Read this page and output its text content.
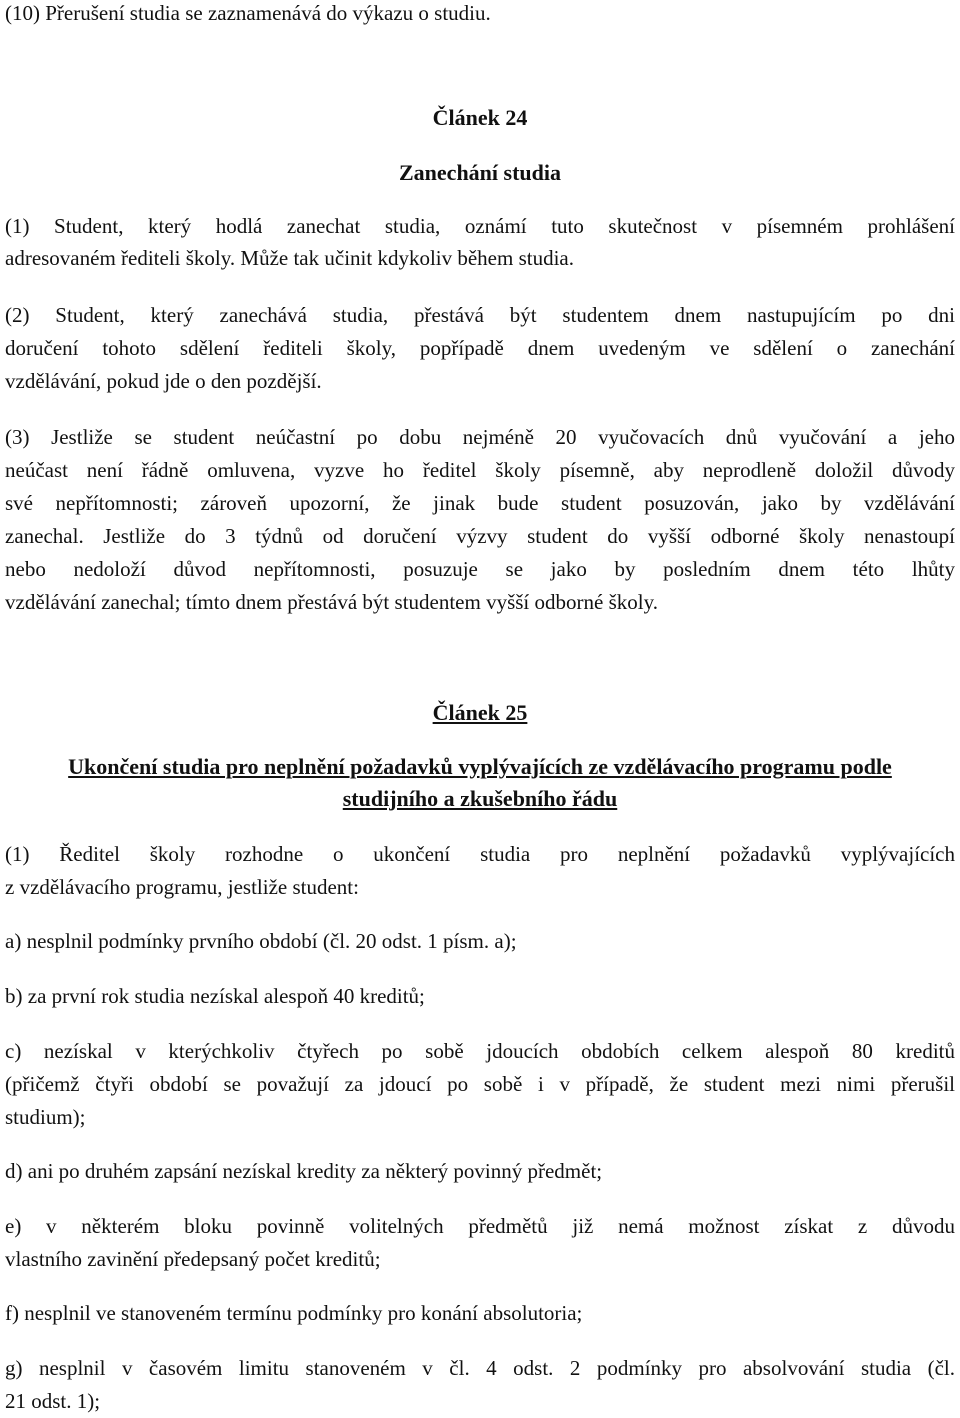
(10) Přerušení studia se zaznamenává do výkazu o studiu.

Článek 24
Zanechání studia

(1) Student, který hodlá zanechat studia, oznámí tuto skutečnost v písemném prohlášení

adresovaném řediteli školy. Může tak učinit kdykoliv během studia.

(2) Student, který zanechává studia, přestává být studentem dnem nastupujícím po dni

doručení tohoto sdělení řediteli školy, popřípadě dnem uvedeným ve sdělení o zanechání

vzdělávání, pokud jde o den pozdější.

(3) Jestliže se student neúčastní po dobu nejméně 20 vyučovacích dnů vyučování a jeho

neúčast není řádně omluvena, vyzve ho ředitel školy písemně, aby neprodleně doložil důvody

své nepřítomnosti; zároveň upozorní, že jinak bude student posuzován, jako by vzdělávání

zanechal. Jestliže do 3 týdnů od doručení výzvy student do vyšší odborné školy nenastoupí

nebo nedoloží důvod nepřítomnosti, posuzuje se jako by posledním dnem této lhůty

vzdělávání zanechal; tímto dnem přestává být studentem vyšší odborné školy.

Článek 25
Ukončení studia pro neplnění požadavků vyplývajících ze vzdělávacího programu podle
studijního a zkušebního řádu

(1) Ředitel školy rozhodne o ukončení studia pro neplnění požadavků vyplývajících

z vzdělávacího programu, jestliže student:

a) nesplnil podmínky prvního období (čl. 20 odst. 1 písm. a);

b) za první rok studia nezískal alespoň 40 kreditů;

c) nezískal v kterýchkoliv čtyřech po sobě jdoucích obdobích celkem alespoň 80 kreditů

(přičemž čtyři období se považují za jdoucí po sobě i v případě, že student mezi nimi přerušil

studium);

d) ani po druhém zapsání nezískal kredity za některý povinný předmět;

e) v některém bloku povinně volitelných předmětů již nemá možnost získat z důvodu

vlastního zavinění předepsaný počet kreditů;

f) nesplnil ve stanoveném termínu podmínky pro konání absolutoria;

g) nesplnil v časovém limitu stanoveném v čl. 4 odst. 2 podmínky pro absolvování studia (čl.

21 odst. 1);
